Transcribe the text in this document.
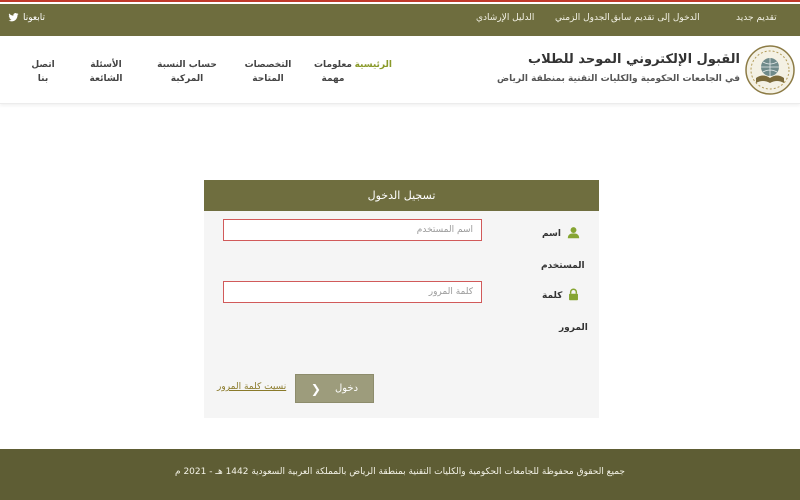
تقديم جديد
الدخول إلى تقديم سابق
الجدول الزمني
الدليل الإرشادي
تابعونا
القبول الإلكتروني الموحد للطلاب
في الجامعات الحكومية والكليات التقنية بمنطقة الرياض
الرئيسية
معلومات
مهمة
التخصصات
المتاحة
حساب النسبة
المركبة
الأسئلة
الشائعة
اتصل
بنا
تسجيل الدخول
اسم المستخدم
اسم
المستخدم
كلمة
المرور
❯ دخول
نسيت كلمة المرور
جميع الحقوق محفوظة للجامعات الحكومية والكليات التقنية بمنطقة الرياض بالمملكة العربية السعودية 1442 هـ - 2021 م
